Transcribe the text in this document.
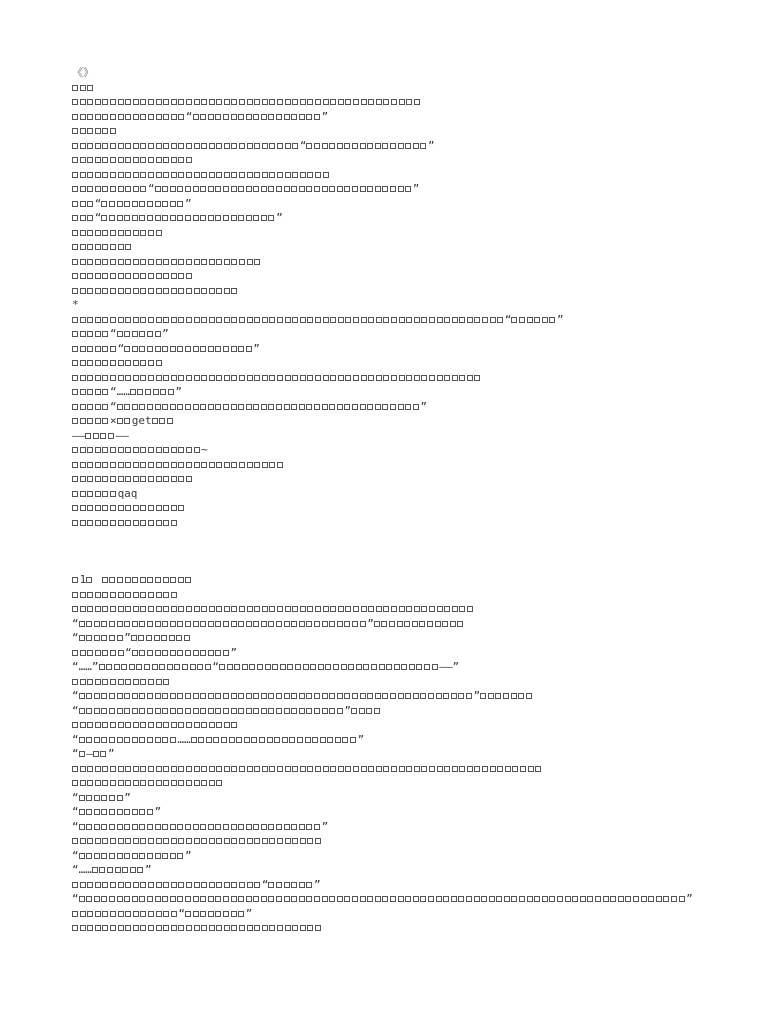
《》
“	”
“	”
“	”
“	”
“	”
*
“	”
“	”
“	”
“……	”
“	”
× get
——	——
~
qaq
1
“	”
“	”
“	”
“……”	“	——”
“	”
“	”
“	……	”
“ — ”
“	”
“	”
“	”
“	”
“……	”
“	”
“	”
“	”
